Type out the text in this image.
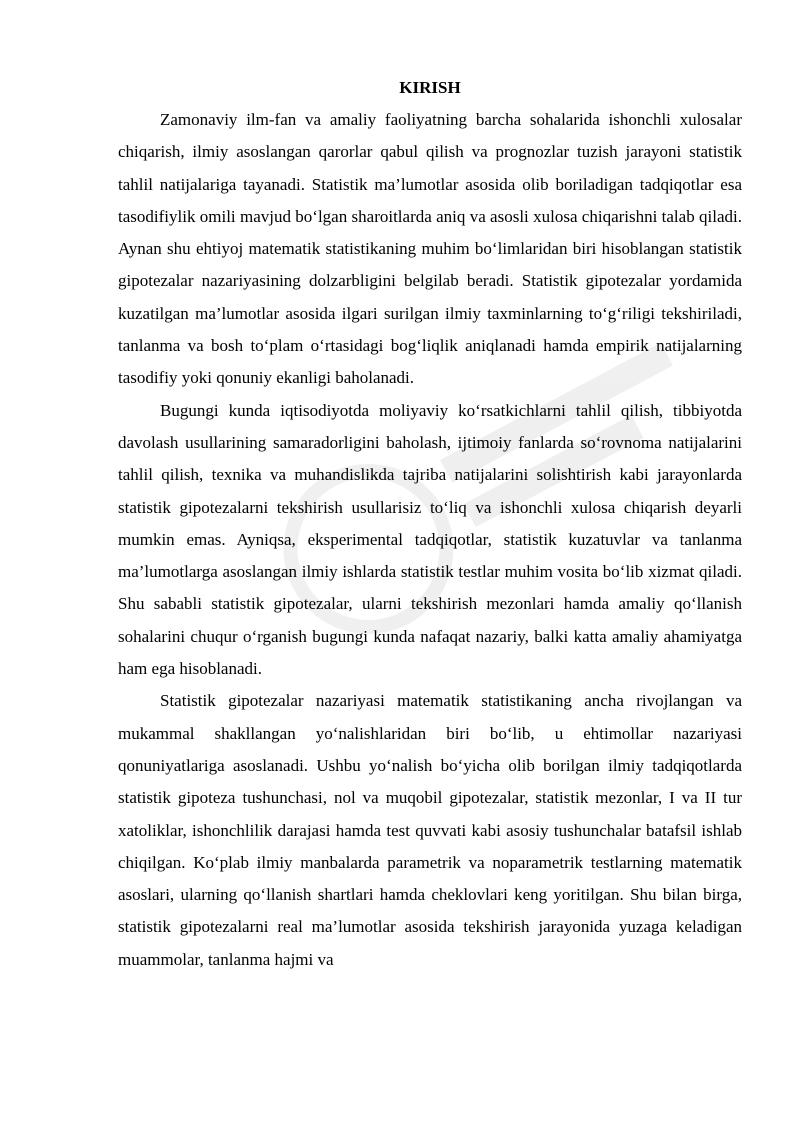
KIRISH

Zamonaviy ilm-fan va amaliy faoliyatning barcha sohalarida ishonchli xulosalar chiqarish, ilmiy asoslangan qarorlar qabul qilish va prognozlar tuzish jarayoni statistik tahlil natijalariga tayanadi. Statistik ma’lumotlar asosida olib boriladigan tadqiqotlar esa tasodifiylik omili mavjud bo‘lgan sharoitlarda aniq va asosli xulosa chiqarishni talab qiladi. Aynan shu ehtiyoj matematik statistikaning muhim bo‘limlaridan biri hisoblangan statistik gipotezalar nazariyasining dolzarbligini belgilab beradi. Statistik gipotezalar yordamida kuzatilgan ma’lumotlar asosida ilgari surilgan ilmiy taxminlarning to‘g‘riligi tekshiriladi, tanlanma va bosh to‘plam o‘rtasidagi bog‘liqlik aniqlanadi hamda empirik natijalarning tasodifiy yoki qonuniy ekanligi baholanadi.

Bugungi kunda iqtisodiyotda moliyaviy ko‘rsatkichlarni tahlil qilish, tibbiyotda davolash usullarining samaradorligini baholash, ijtimoiy fanlarda so‘rovnoma natijalarini tahlil qilish, texnika va muhandislikda tajriba natijalarini solishtirish kabi jarayonlarda statistik gipotezalarni tekshirish usullarisiz to‘liq va ishonchli xulosa chiqarish deyarli mumkin emas. Ayniqsa, eksperimental tadqiqotlar, statistik kuzatuvlar va tanlanma ma’lumotlarga asoslangan ilmiy ishlarda statistik testlar muhim vosita bo‘lib xizmat qiladi. Shu sababli statistik gipotezalar, ularni tekshirish mezonlari hamda amaliy qo‘llanish sohalarini chuqur o‘rganish bugungi kunda nafaqat nazariy, balki katta amaliy ahamiyatga ham ega hisoblanadi.

Statistik gipotezalar nazariyasi matematik statistikaning ancha rivojlangan va mukammal shakllangan yo‘nalishlaridan biri bo‘lib, u ehtimollar nazariyasi qonuniyatlariga asoslanadi. Ushbu yo‘nalish bo‘yicha olib borilgan ilmiy tadqiqotlarda statistik gipoteza tushunchasi, nol va muqobil gipotezalar, statistik mezonlar, I va II tur xatoliklar, ishonchlilik darajasi hamda test quvvati kabi asosiy tushunchalar batafsil ishlab chiqilgan. Ko‘plab ilmiy manbalarda parametrik va noparametrik testlarning matematik asoslari, ularning qo‘llanish shartlari hamda cheklovlari keng yoritilgan. Shu bilan birga, statistik gipotezalarni real ma’lumotlar asosida tekshirish jarayonida yuzaga keladigan muammolar, tanlanma hajmi va
